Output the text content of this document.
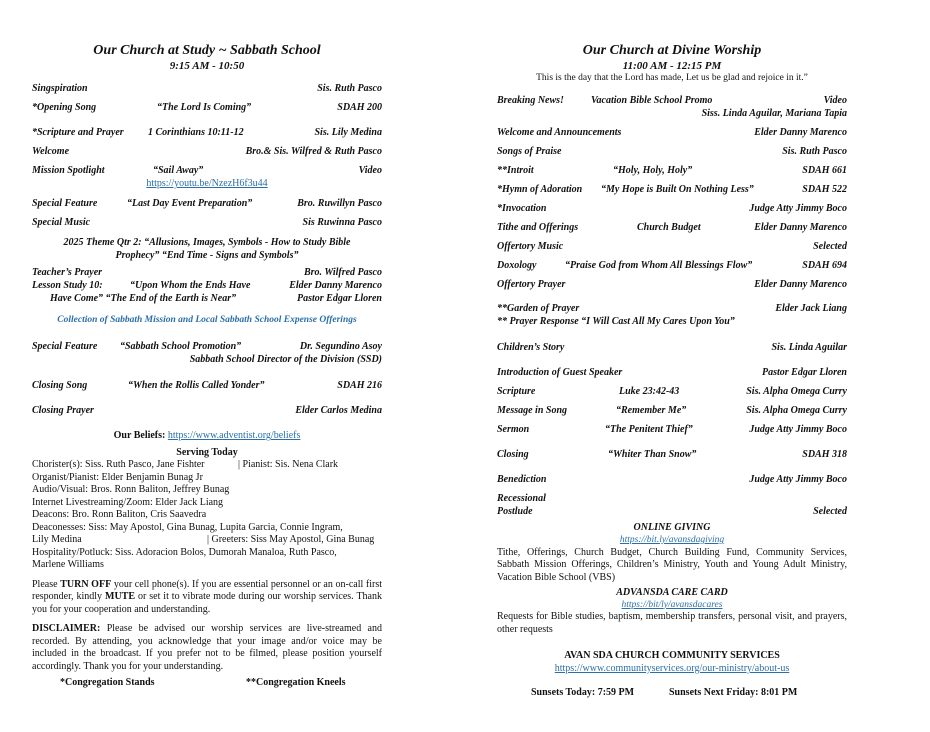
Our Church at Study ~ Sabbath School
9:15 AM - 10:50
Singspiration	Sis. Ruth Pasco
*Opening Song	“The Lord Is Coming”	SDAH 200
*Scripture and Prayer 1 Corinthians 10:11-12	Sis. Lily Medina
Welcome	Bro.& Sis. Wilfred & Ruth Pasco
Mission Spotlight	“Sail Away”	Video
https://youtu.be/NzezH6f3u44
Special Feature	“Last Day Event Preparation”	Bro. Ruwillyn Pasco
Special Music	Sis Ruwinna Pasco
2025 Theme Qtr 2: “Allusions, Images, Symbols - How to Study Bible
Prophecy” “End Time - Signs and Symbols”
Teacher’s Prayer	Bro. Wilfred Pasco
Lesson Study 10:	“Upon Whom the Ends Have	Elder Danny Marenco
Have Come” “The End of the Earth is Near”	Pastor Edgar Lloren
Collection of Sabbath Mission and Local Sabbath School Expense Offerings
Special Feature “Sabbath School Promotion”	Dr. Segundino Asoy
Sabbath School Director of the Division (SSD)
Closing Song	“When the Rollis Called Yonder”	SDAH 216
Closing Prayer	Elder Carlos Medina
Our Beliefs: https://www.adventist.org/beliefs
Serving Today
Chorister(s): Siss. Ruth Pasco, Jane Fishter	| Pianist: Sis. Nena Clark
Organist/Pianist: Elder Benjamin Bunag Jr
Audio/Visual: Bros. Ronn Baliton, Jeffrey Bunag
Internet Livestreaming/Zoom: Elder Jack Liang
Deacons: Bro. Ronn Baliton, Cris Saavedra
Deaconesses: Siss: May Apostol, Gina Bunag, Lupita Garcia, Connie Ingram,
Lily Medina	| Greeters: Siss May Apostol, Gina Bunag
Hospitality/Potluck: Siss. Adoracion Bolos, Dumorah Manaloa, Ruth Pasco,
Marlene Williams
Please TURN OFF your cell phone(s). If you are essential personnel or an on-call first responder, kindly MUTE or set it to vibrate mode during our worship services. Thank you for your cooperation and understanding.
DISCLAIMER: Please be advised our worship services are live-streamed and recorded. By attending, you acknowledge that your image and/or voice may be included in the broadcast. If you prefer not to be filmed, please position yourself accordingly. Thank you for your understanding.
*Congregation Stands	**Congregation Kneels
Our Church at Divine Worship
11:00 AM - 12:15 PM
This is the day that the Lord has made, Let us be glad and rejoice in it.”
Breaking News!	Vacation Bible School Promo	Video
Siss. Linda Aguilar, Mariana Tapia
Welcome and Announcements	Elder Danny Marenco
Songs of Praise	Sis. Ruth Pasco
**Introit	“Holy, Holy, Holy”	SDAH 661
*Hymn of Adoration “My Hope is Built On Nothing Less”	SDAH 522
*Invocation	Judge Atty Jimmy Boco
Tithe and Offerings	Church Budget	Elder Danny Marenco
Offertory Music	Selected
Doxology	“Praise God from Whom All Blessings Flow”	SDAH 694
Offertory Prayer	Elder Danny Marenco
**Garden of Prayer	Elder Jack Liang
** Prayer Response “I Will Cast All My Cares Upon You”
Children’s Story	Sis. Linda Aguilar
Introduction of Guest Speaker	Pastor Edgar Lloren
Scripture	Luke 23:42-43	Sis. Alpha Omega Curry
Message in Song	“Remember Me”	Sis. Alpha Omega Curry
Sermon	“The Penitent Thief”	Judge Atty Jimmy Boco
Closing	“Whiter Than Snow”	SDAH 318
Benediction	Judge Atty Jimmy Boco
Recessional
Postlude	Selected
ONLINE GIVING
https://bit.ly/avansdagiving
Tithe, Offerings, Church Budget, Church Building Fund, Community Services, Sabbath Mission Offerings, Children’s Ministry, Youth and Young Adult Ministry, Vacation Bible School (VBS)
ADVANSDA CARE CARD
https://bit/ly/avansdacares
Requests for Bible studies, baptism, membership transfers, personal visit, and prayers, other requests
AVAN SDA CHURCH COMMUNITY SERVICES
https://www.communityservices.org/our-ministry/about-us
Sunsets Today: 7:59 PM	Sunsets Next Friday: 8:01 PM
